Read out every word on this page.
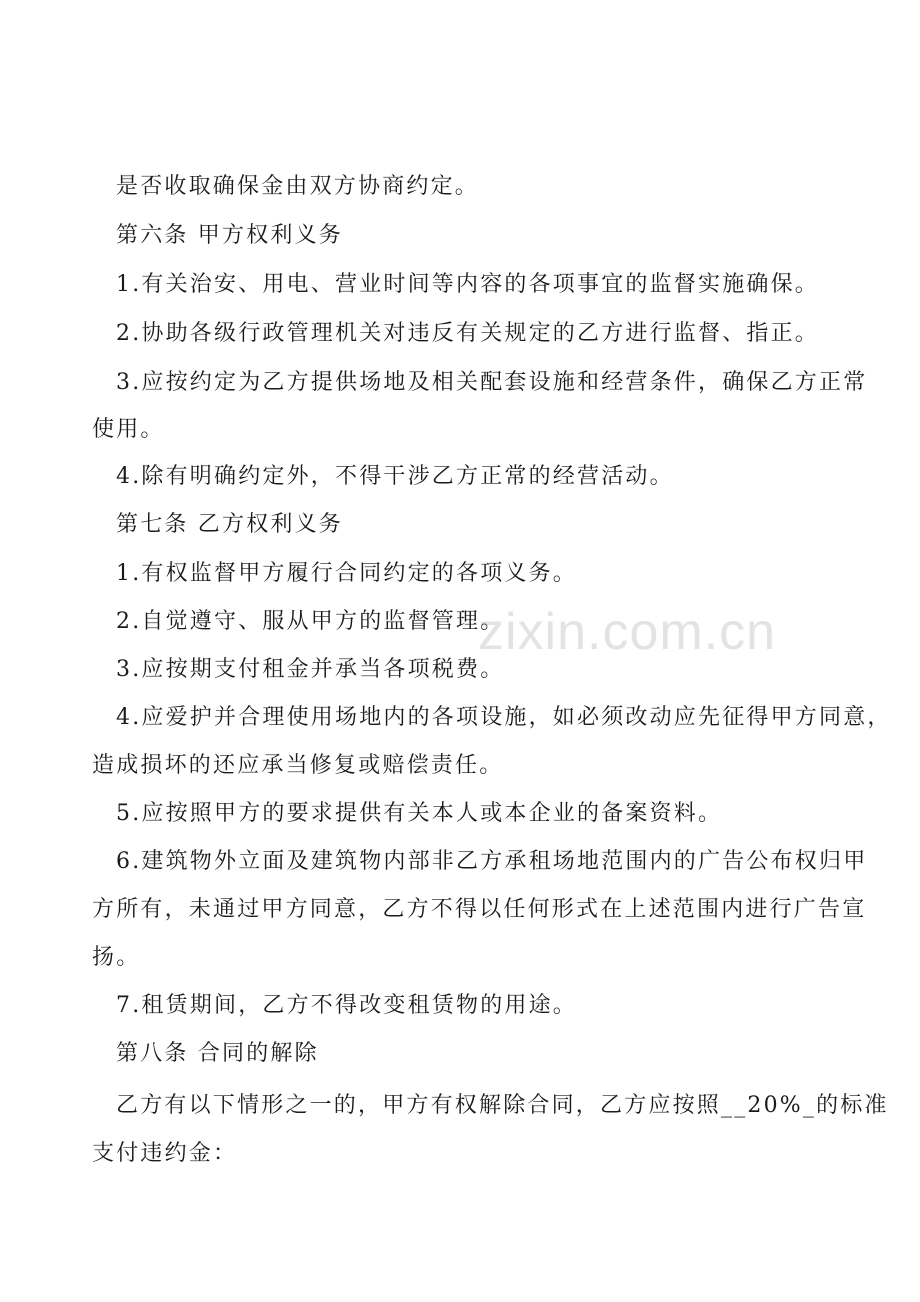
zixin.com.cn
是否收取确保金由双方协商约定。
第六条 甲方权利义务
1.有关治安、用电、营业时间等内容的各项事宜的监督实施确保。
2.协助各级行政管理机关对违反有关规定的乙方进行监督、指正。
3.应按约定为乙方提供场地及相关配套设施和经营条件，确保乙方正常
使用。
4.除有明确约定外，不得干涉乙方正常的经营活动。
第七条 乙方权利义务
1.有权监督甲方履行合同约定的各项义务。
2.自觉遵守、服从甲方的监督管理。
3.应按期支付租金并承当各项税费。
4.应爱护并合理使用场地内的各项设施，如必须改动应先征得甲方同意，
造成损坏的还应承当修复或赔偿责任。
5.应按照甲方的要求提供有关本人或本企业的备案资料。
6.建筑物外立面及建筑物内部非乙方承租场地范围内的广告公布权归甲
方所有，未通过甲方同意，乙方不得以任何形式在上述范围内进行广告宣
扬。
7.租赁期间，乙方不得改变租赁物的用途。
第八条 合同的解除
乙方有以下情形之一的，甲方有权解除合同，乙方应按照__20%_的标准
支付违约金：
